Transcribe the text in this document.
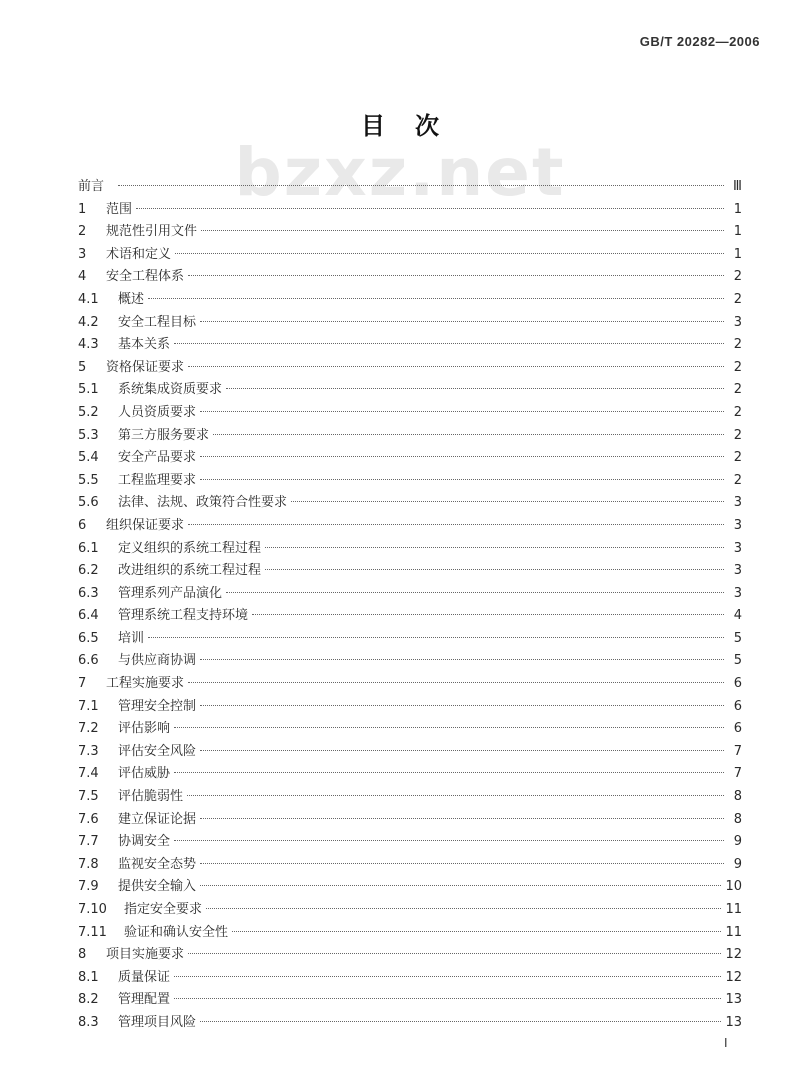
GB/T 20282—2006
bzxz.net
目次
前言	Ⅲ
1	范围	1
2	规范性引用文件	1
3	术语和定义	1
4	安全工程体系	2
4.1	概述	2
4.2	安全工程目标	3
4.3	基本关系	2
5	资格保证要求	2
5.1	系统集成资质要求	2
5.2	人员资质要求	2
5.3	第三方服务要求	2
5.4	安全产品要求	2
5.5	工程监理要求	2
5.6	法律、法规、政策符合性要求	3
6	组织保证要求	3
6.1	定义组织的系统工程过程	3
6.2	改进组织的系统工程过程	3
6.3	管理系列产品演化	3
6.4	管理系统工程支持环境	4
6.5	培训	5
6.6	与供应商协调	5
7	工程实施要求	6
7.1	管理安全控制	6
7.2	评估影响	6
7.3	评估安全风险	7
7.4	评估威胁	7
7.5	评估脆弱性	8
7.6	建立保证论据	8
7.7	协调安全	9
7.8	监视安全态势	9
7.9	提供安全输入	10
7.10	指定安全要求	11
7.11	验证和确认安全性	11
8	项目实施要求	12
8.1	质量保证	12
8.2	管理配置	13
8.3	管理项目风险	13
I
